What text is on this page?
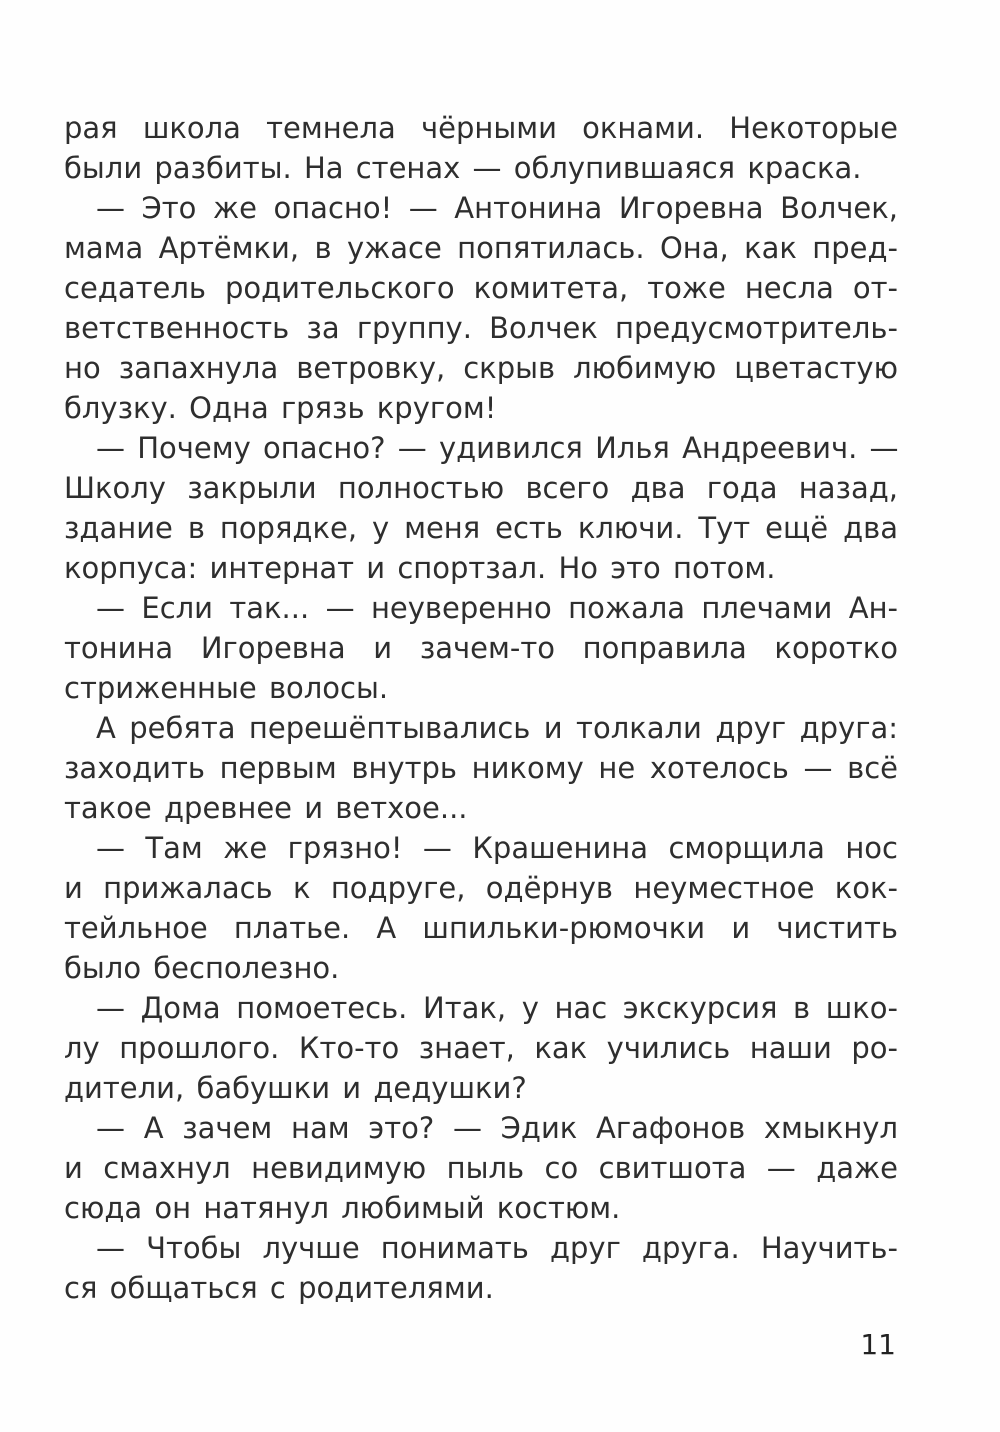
рая школа темнела чёрными окнами. Некоторые
были разбиты. На стенах — облупившаяся краска.
— Это же опасно! — Антонина Игоревна Волчек,
мама Артёмки, в ужасе попятилась. Она, как пред-
седатель родительского комитета, тоже несла от-
ветственность за группу. Волчек предусмотритель-
но запахнула ветровку, скрыв любимую цветастую
блузку. Одна грязь кругом!
— Почему опасно? — удивился Илья Андреевич. —
Школу закрыли полностью всего два года назад,
здание в порядке, у меня есть ключи. Тут ещё два
корпуса: интернат и спортзал. Но это потом.
— Если так... — неуверенно пожала плечами Ан-
тонина Игоревна и зачем-то поправила коротко
стриженные волосы.
А ребята перешёптывались и толкали друг друга:
заходить первым внутрь никому не хотелось — всё
такое древнее и ветхое...
— Там же грязно! — Крашенина сморщила нос
и прижалась к подруге, одёрнув неуместное кок-
тейльное платье. А шпильки-рюмочки и чистить
было бесполезно.
— Дома помоетесь. Итак, у нас экскурсия в шко-
лу прошлого. Кто-то знает, как учились наши ро-
дители, бабушки и дедушки?
— А зачем нам это? — Эдик Агафонов хмыкнул
и смахнул невидимую пыль со свитшота — даже
сюда он натянул любимый костюм.
— Чтобы лучше понимать друг друга. Научить-
ся общаться с родителями.
11
